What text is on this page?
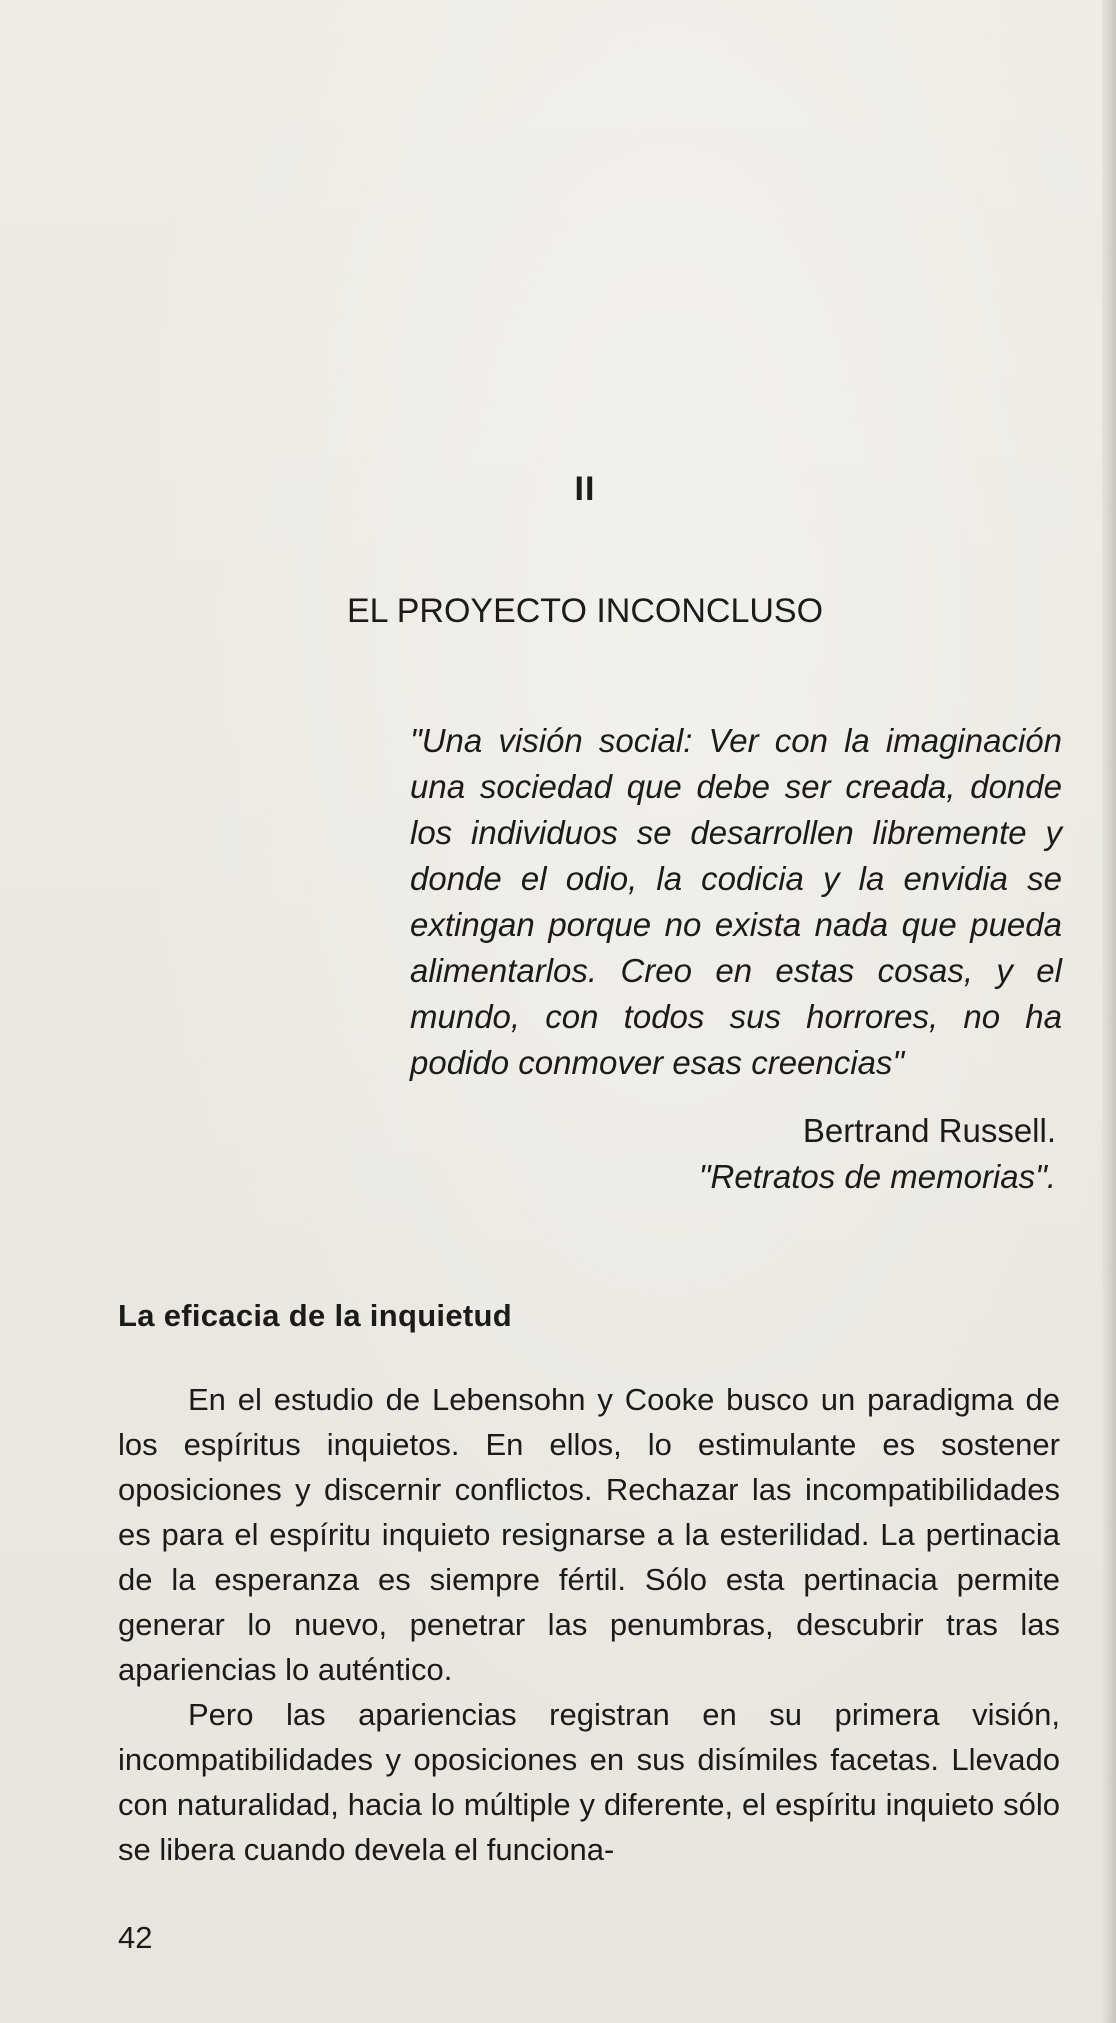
II
EL PROYECTO INCONCLUSO
"Una visión social: Ver con la imaginación una sociedad que debe ser creada, donde los individuos se desarrollen libremente y donde el odio, la codicia y la envidia se extingan porque no exista nada que pueda alimentarlos. Creo en estas cosas, y el mundo, con todos sus horrores, no ha podido conmover esas creencias"
Bertrand Russell.
"Retratos de memorias".
La eficacia de la inquietud

En el estudio de Lebensohn y Cooke busco un paradigma de los espíritus inquietos. En ellos, lo estimulante es sostener oposiciones y discernir conflictos. Rechazar las incompatibilidades es para el espíritu inquieto resignarse a la esterilidad. La pertinacia de la esperanza es siempre fértil. Sólo esta pertinacia permite generar lo nuevo, penetrar las penumbras, descubrir tras las apariencias lo auténtico.

Pero las apariencias registran en su primera visión, incompatibilidades y oposiciones en sus disímiles facetas. Llevado con naturalidad, hacia lo múltiple y diferente, el espíritu inquieto sólo se libera cuando devela el funciona-

42
